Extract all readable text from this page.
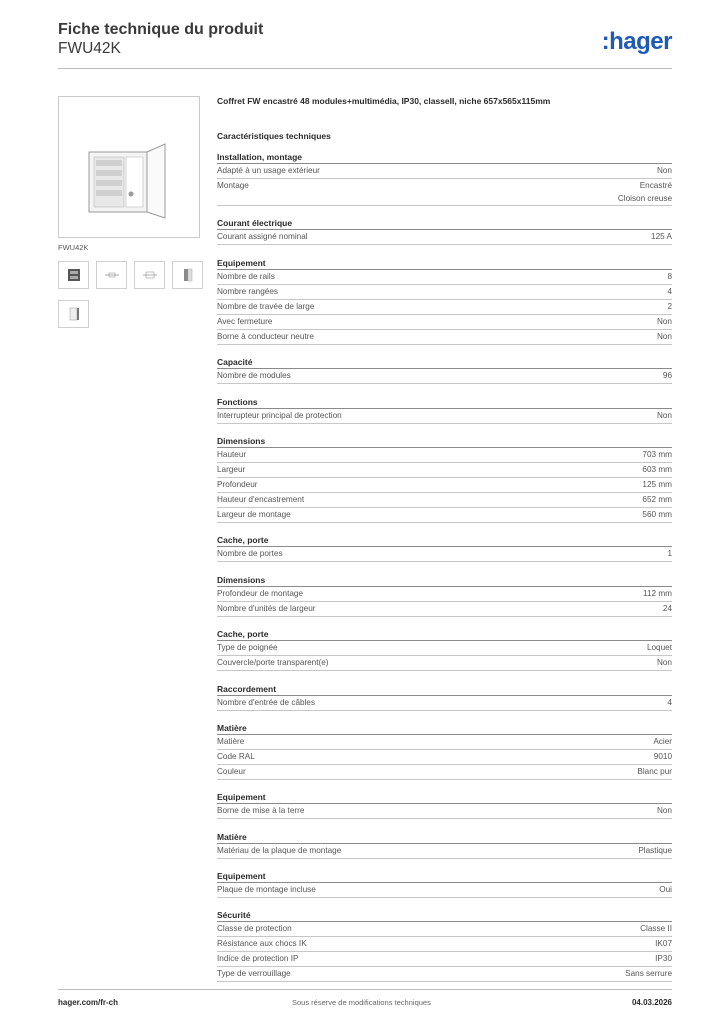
Fiche technique du produit
FWU42K	:hager
FWU42K
Coffret FW encastré 48 modules+multimédia, IP30, classeII, niche 657x565x115mm
Caractéristiques techniques
Installation, montage
Adapté à un usage extérieur	Non
Montage	Encastré
Cloison creuse
Courant électrique
Courant assigné nominal	125 A
Equipement
Nombre de rails	8
Nombre rangées	4
Nombre de travée de large	2
Avec fermeture	Non
Borne à conducteur neutre	Non
Capacité
Nombre de modules	96
Fonctions
Interrupteur principal de protection	Non
Dimensions
Hauteur	703 mm
Largeur	603 mm
Profondeur	125 mm
Hauteur d'encastrement	652 mm
Largeur de montage	560 mm
Cache, porte
Nombre de portes	1
Dimensions
Profondeur de montage	112 mm
Nombre d'unités de largeur	24
Cache, porte
Type de poignée	Loquet
Couvercle/porte transparent(e)	Non
Raccordement
Nombre d'entrée de câbles	4
Matière
Matière	Acier
Code RAL	9010
Couleur	Blanc pur
Equipement
Borne de mise à la terre	Non
Matière
Matériau de la plaque de montage	Plastique
Equipement
Plaque de montage incluse	Oui
Sécurité
Classe de protection	Classe II
Résistance aux chocs IK	IK07
Indice de protection IP	IP30
Type de verrouillage	Sans serrure
hager.com/fr-ch	Sous réserve de modifications techniques	04.03.2026
